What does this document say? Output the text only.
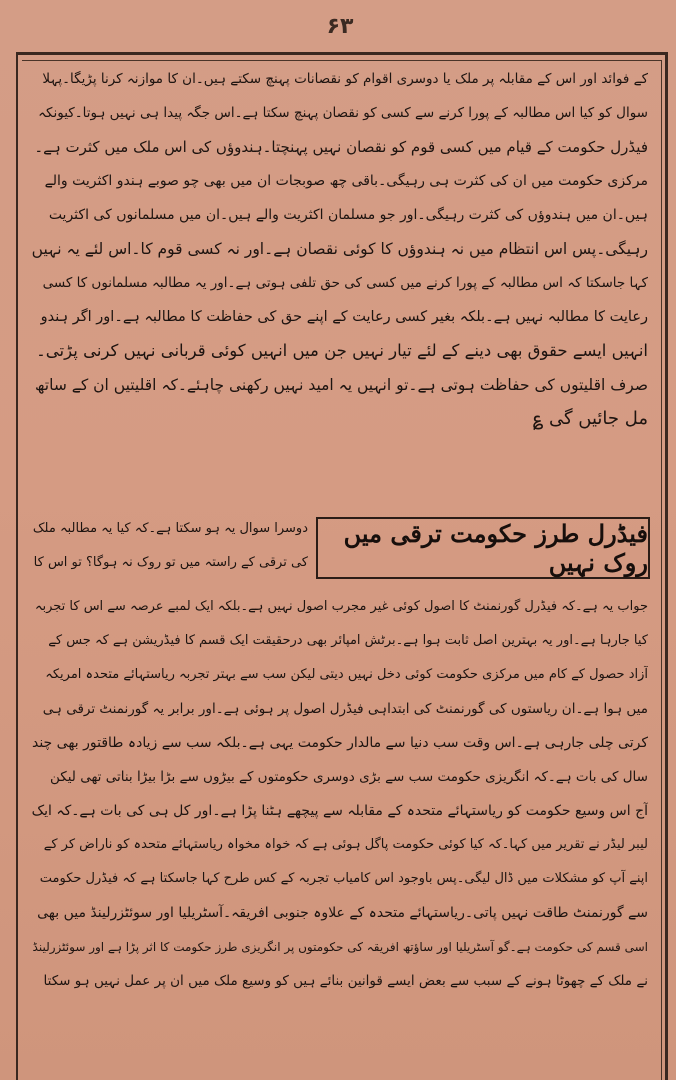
۶۳
کے فوائد اور اس کے مقابلہ پر ملک یا دوسری اقوام کو نقصانات پہنچ سکتے ہیں۔ان کا موازنہ کرنا پڑیگا۔پہلا
سوال کو کیا اس مطالبہ کے پورا کرنے سے کسی کو نقصان پہنچ سکتا ہے۔اس جگہ پیدا ہی نہیں ہوتا۔کیونکہ
فیڈرل حکومت کے قیام میں کسی قوم کو نقصان نہیں پہنچتا۔ہندوؤں کی اس ملک میں کثرت ہے۔
مرکزی حکومت میں ان کی کثرت ہی رہیگی۔باقی چھ صوبجات ان میں بھی چو صوبے ہندو اکثریت والے
ہیں۔ان میں ہندوؤں کی کثرت رہیگی۔اور جو مسلمان اکثریت والے ہیں۔ان میں مسلمانوں کی اکثریت
رہیگی۔پس اس انتظام میں نہ ہندوؤں کا کوئی نقصان ہے۔اور نہ کسی قوم کا۔اس لئے یہ نہیں
کہا جاسکتا کہ اس مطالبہ کے پورا کرنے میں کسی کی حق تلفی ہوتی ہے۔اور یہ مطالبہ مسلمانوں کا کسی
رعایت کا مطالبہ نہیں ہے۔بلکہ بغیر کسی رعایت کے اپنے حق کی حفاظت کا مطالبہ ہے۔اور اگر ہندو
انہیں ایسے حقوق بھی دینے کے لئے تیار نہیں جن میں انہیں کوئی قربانی نہیں کرنی پڑتی۔
صرف اقلیتوں کی حفاظت ہوتی ہے۔تو انہیں یہ امید نہیں رکھنی چاہئے۔کہ اقلیتیں ان کے ساتھ
مل جائیں گی ؏
فیڈرل طرز حکومت ترقی میں روک نہیں
دوسرا سوال یہ ہو سکتا ہے۔کہ کیا یہ مطالبہ ملک
کی ترقی کے راستہ میں تو روک نہ ہوگا؟ تو اس کا
جواب یہ ہے۔کہ فیڈرل گورنمنٹ کا اصول کوئی غیر مجرب اصول نہیں ہے۔بلکہ ایک لمبے عرصہ سے اس کا تجربہ
کیا جارہا ہے۔اور یہ بہترین اصل ثابت ہوا ہے۔برٹش امپائر بھی درحقیقت ایک قسم کا فیڈریشن ہے کہ جس کے
آزاد حصول کے کام میں مرکزی حکومت کوئی دخل نہیں دیتی لیکن سب سے بہتر تجربہ ریاستہائے متحدہ امریکہ
میں ہوا ہے۔ان ریاستوں کی گورنمنٹ کی ابتداہی فیڈرل اصول پر ہوئی ہے۔اور برابر یہ گورنمنٹ ترقی ہی
کرتی چلی جارہی ہے۔اس وقت سب دنیا سے مالدار حکومت یہی ہے۔بلکہ سب سے زیادہ طاقتور بھی چند
سال کی بات ہے۔کہ انگریزی حکومت سب سے بڑی دوسری حکومتوں کے بیڑوں سے بڑا بیڑا بناتی تھی لیکن
آج اس وسیع حکومت کو ریاستہائے متحدہ کے مقابلہ سے پیچھے ہٹنا پڑا ہے۔اور کل ہی کی بات ہے۔کہ ایک
لیبر لیڈر نے تقریر میں کہا۔کہ کیا کوئی حکومت پاگل ہوئی ہے کہ خواہ مخواہ ریاستہائے متحدہ کو ناراض کر کے
اپنے آپ کو مشکلات میں ڈال لیگی۔پس باوجود اس کامیاب تجربہ کے کس طرح کہا جاسکتا ہے کہ فیڈرل حکومت
سے گورنمنٹ طاقت نہیں پاتی۔ریاستہائے متحدہ کے علاوہ جنوبی افریقہ۔آسٹریلیا اور سوئٹزرلینڈ میں بھی
اسی قسم کی حکومت ہے۔گو آسٹریلیا اور ساؤتھ افریقہ کی حکومتوں پر انگریزی طرز حکومت کا اثر پڑا ہے اور سوئٹزرلینڈ
نے ملک کے چھوٹا ہونے کے سبب سے بعض ایسے قوانین بنائے ہیں کو وسیع ملک میں ان پر عمل نہیں ہو سکتا
